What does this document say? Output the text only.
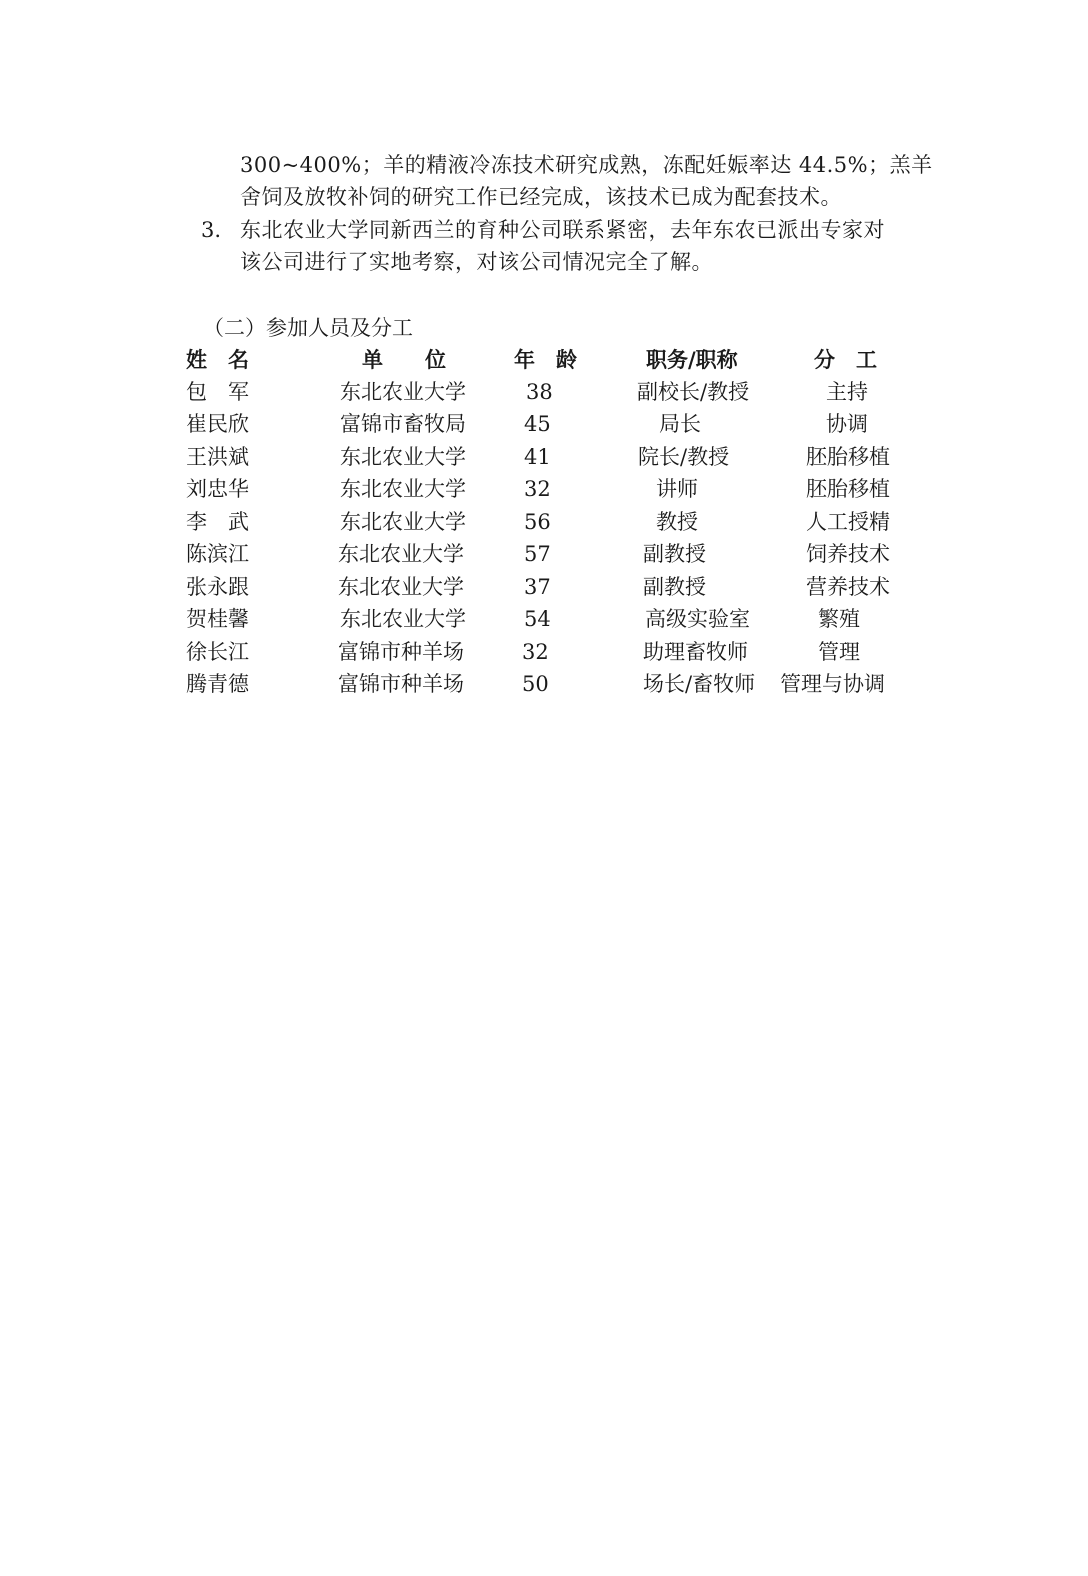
300~400%；羊的精液冷冻技术研究成熟，冻配妊娠率达 44.5%；羔羊
舍饲及放牧补饲的研究工作已经完成，该技术已成为配套技术。
3. 东北农业大学同新西兰的育种公司联系紧密，去年东农已派出专家对
该公司进行了实地考察，对该公司情况完全了解。
（二）参加人员及分工
姓　名	单　　位	年　龄	职务/职称	分　工
包　军	东北农业大学	38	副校长/教授	主持
崔民欣	富锦市畜牧局	45	局长	协调
王洪斌	东北农业大学	41	院长/教授	胚胎移植
刘忠华	东北农业大学	32	讲师	胚胎移植
李　武	东北农业大学	56	教授	人工授精
陈滨江	东北农业大学	57	副教授	饲养技术
张永跟	东北农业大学	37	副教授	营养技术
贺桂馨	东北农业大学	54	高级实验室	繁殖
徐长江	富锦市种羊场	32	助理畜牧师	管理
腾青德	富锦市种羊场	50	场长/畜牧师	管理与协调
